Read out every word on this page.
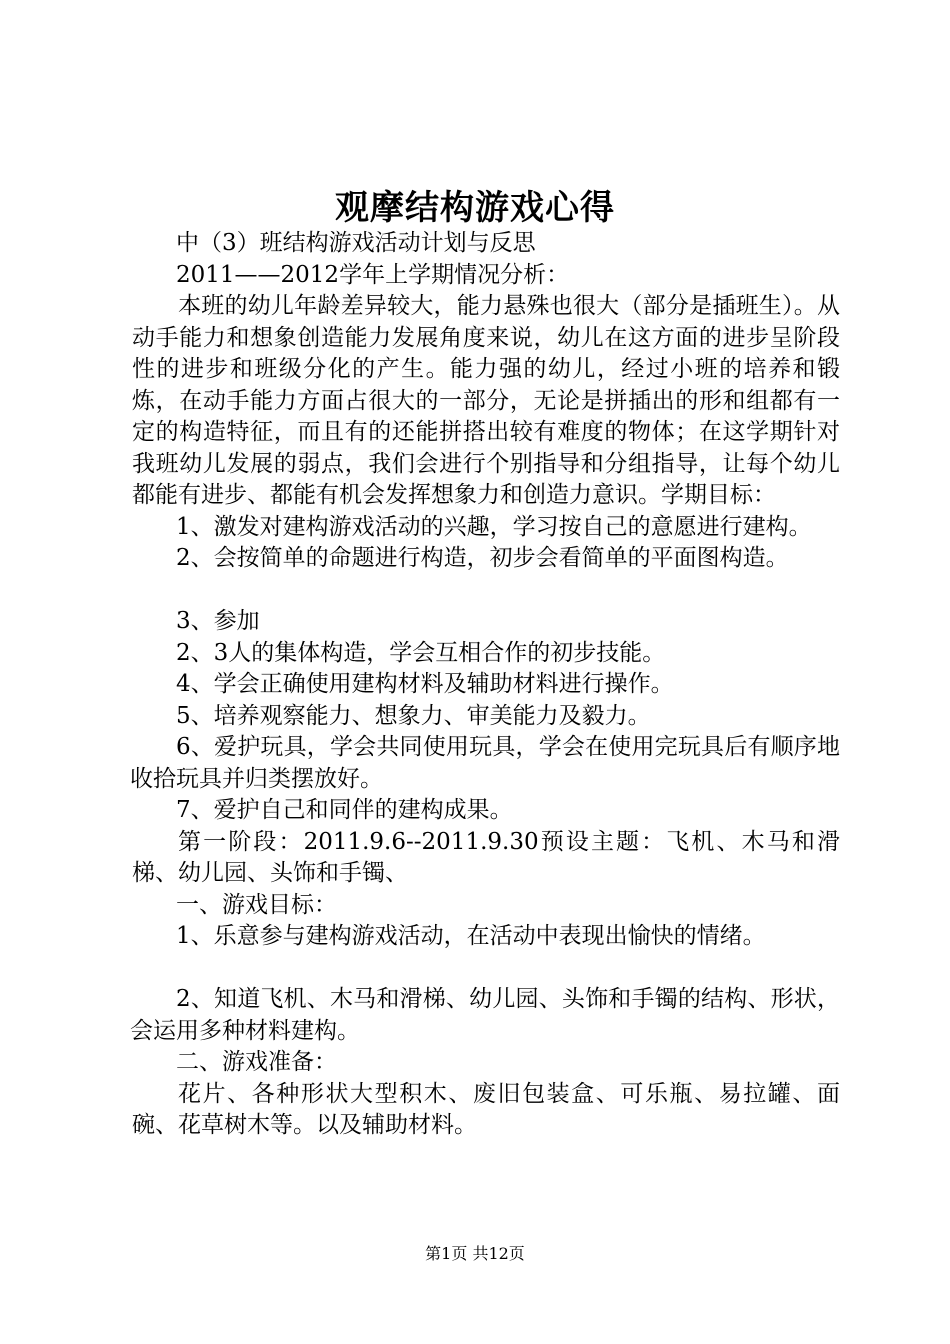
观摩结构游戏心得

中（3）班结构游戏活动计划与反思

2011——2012学年上学期情况分析：

本班的幼儿年龄差异较大，能力悬殊也很大（部分是插班生）。从动手能力和想象创造能力发展角度来说，幼儿在这方面的进步呈阶段性的进步和班级分化的产生。能力强的幼儿，经过小班的培养和锻炼，在动手能力方面占很大的一部分，无论是拼插出的形和组都有一定的构造特征，而且有的还能拼搭出较有难度的物体；在这学期针对我班幼儿发展的弱点，我们会进行个别指导和分组指导，让每个幼儿都能有进步、都能有机会发挥想象力和创造力意识。学期目标：

1、激发对建构游戏活动的兴趣，学习按自己的意愿进行建构。

2、会按简单的命题进行构造，初步会看简单的平面图构造。

3、参加

2、3人的集体构造，学会互相合作的初步技能。

4、学会正确使用建构材料及辅助材料进行操作。

5、培养观察能力、想象力、审美能力及毅力。

6、爱护玩具，学会共同使用玩具，学会在使用完玩具后有顺序地收拾玩具并归类摆放好。

7、爱护自己和同伴的建构成果。

第一阶段：2011.9.6--2011.9.30预设主题：飞机、木马和滑梯、幼儿园、头饰和手镯、

一、游戏目标：

1、乐意参与建构游戏活动，在活动中表现出愉快的情绪。

2、知道飞机、木马和滑梯、幼儿园、头饰和手镯的结构、形状，会运用多种材料建构。

二、游戏准备：

花片、各种形状大型积木、废旧包装盒、可乐瓶、易拉罐、面碗、花草树木等。以及辅助材料。

第1页 共12页
